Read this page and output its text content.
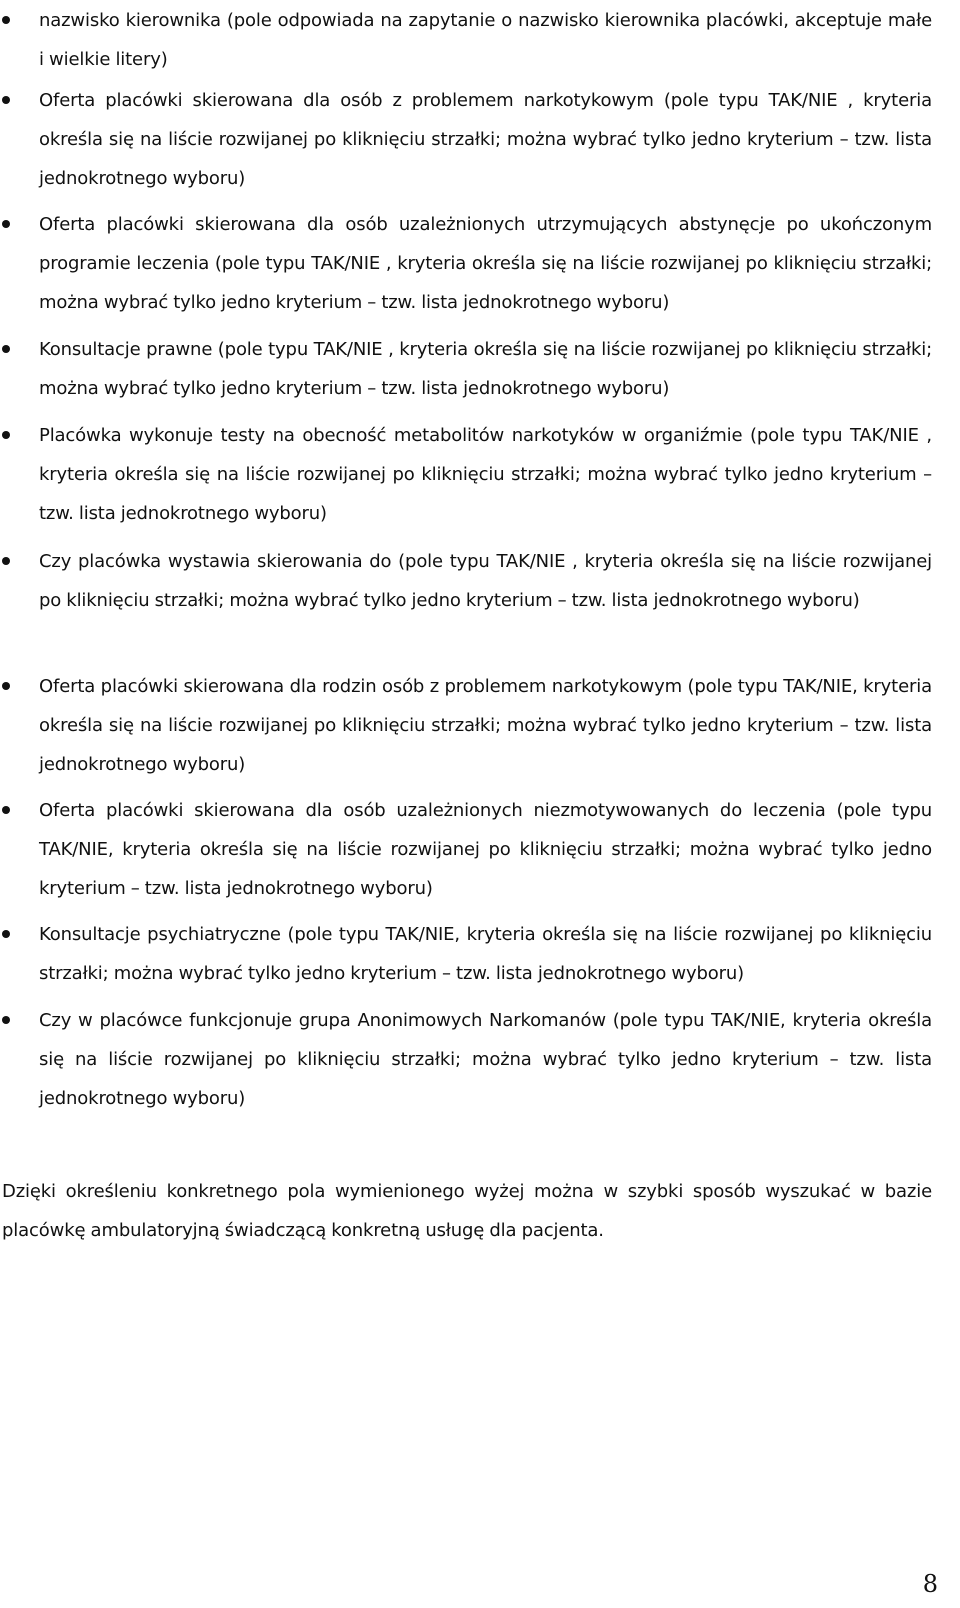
nazwisko kierownika (pole odpowiada na zapytanie o nazwisko kierownika placówki, akceptuje małe i wielkie litery)
Oferta placówki skierowana dla osób z problemem narkotykowym (pole typu TAK/NIE , kryteria określa się na liście rozwijanej po kliknięciu strzałki; można wybrać tylko jedno kryterium – tzw. lista jednokrotnego wyboru)
Oferta placówki skierowana dla osób uzależnionych utrzymujących abstynęcje po ukończonym programie leczenia (pole typu TAK/NIE , kryteria określa się na liście rozwijanej po kliknięciu strzałki; można wybrać tylko jedno kryterium – tzw. lista jednokrotnego wyboru)
Konsultacje prawne (pole typu TAK/NIE , kryteria określa się na liście rozwijanej po kliknięciu strzałki; można wybrać tylko jedno kryterium – tzw. lista jednokrotnego wyboru)
Placówka wykonuje testy na obecność metabolitów narkotyków w organiźmie (pole typu TAK/NIE , kryteria określa się na liście rozwijanej po kliknięciu strzałki; można wybrać tylko jedno kryterium – tzw. lista jednokrotnego wyboru)
Czy placówka wystawia skierowania do (pole typu TAK/NIE , kryteria określa się na liście rozwijanej po kliknięciu strzałki; można wybrać tylko jedno kryterium – tzw. lista jednokrotnego wyboru)
Oferta placówki skierowana dla rodzin osób z problemem narkotykowym (pole typu TAK/NIE, kryteria określa się na liście rozwijanej po kliknięciu strzałki; można wybrać tylko jedno kryterium – tzw. lista jednokrotnego wyboru)
Oferta placówki skierowana dla osób uzależnionych niezmotywowanych do leczenia (pole typu TAK/NIE, kryteria określa się na liście rozwijanej po kliknięciu strzałki; można wybrać tylko jedno kryterium – tzw. lista jednokrotnego wyboru)
Konsultacje psychiatryczne (pole typu TAK/NIE, kryteria określa się na liście rozwijanej po kliknięciu strzałki; można wybrać tylko jedno kryterium – tzw. lista jednokrotnego wyboru)
Czy w placówce funkcjonuje grupa Anonimowych Narkomanów (pole typu TAK/NIE, kryteria określa się na liście rozwijanej po kliknięciu strzałki; można wybrać tylko jedno kryterium – tzw. lista jednokrotnego wyboru)

Dzięki określeniu konkretnego pola wymienionego wyżej można w szybki sposób wyszukać w bazie placówkę ambulatoryjną świadczącą konkretną usługę dla pacjenta.

8
